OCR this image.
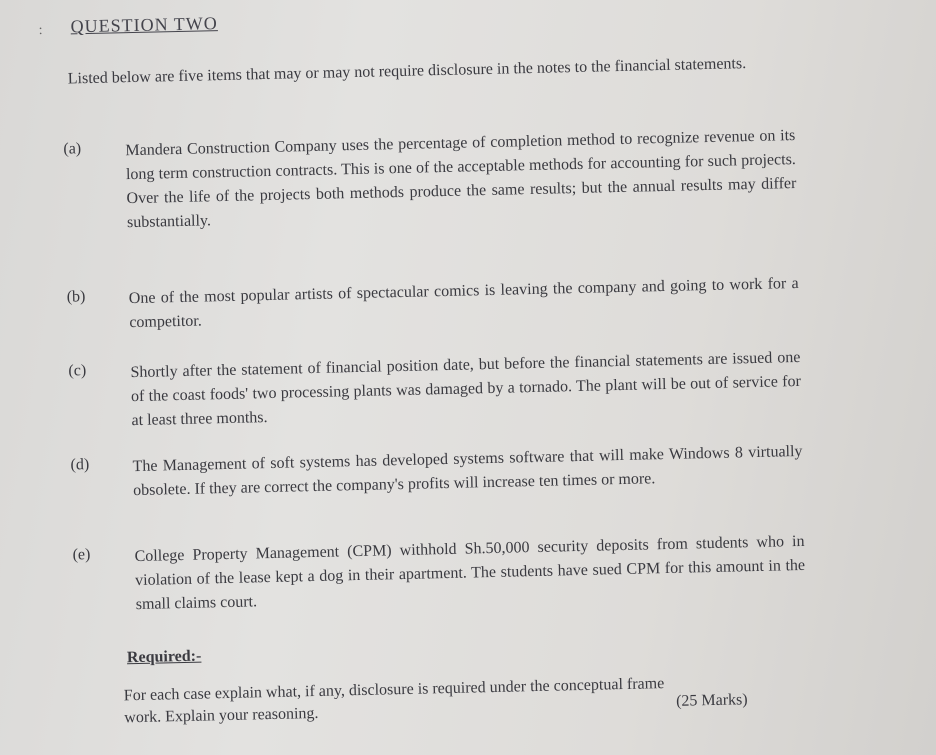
: QUESTION TWO
Listed below are five items that may or may not require disclosure in the notes to the financial statements.
(a)	Mandera Construction Company uses the percentage of completion method to recognize revenue on its long term construction contracts. This is one of the acceptable methods for accounting for such projects. Over the life of the projects both methods produce the same results; but the annual results may differ substantially.
(b)	One of the most popular artists of spectacular comics is leaving the company and going to work for a competitor.
(c)	Shortly after the statement of financial position date, but before the financial statements are issued one of the coast foods' two processing plants was damaged by a tornado. The plant will be out of service for at least three months.
(d)	The Management of soft systems has developed systems software that will make Windows 8 virtually obsolete. If they are correct the company's profits will increase ten times or more.
(e)	College Property Management (CPM) withhold Sh.50,000 security deposits from students who in violation of the lease kept a dog in their apartment. The students have sued CPM for this amount in the small claims court.
Required:-
For each case explain what, if any, disclosure is required under the conceptual frame work. Explain your reasoning.
(25 Marks)
